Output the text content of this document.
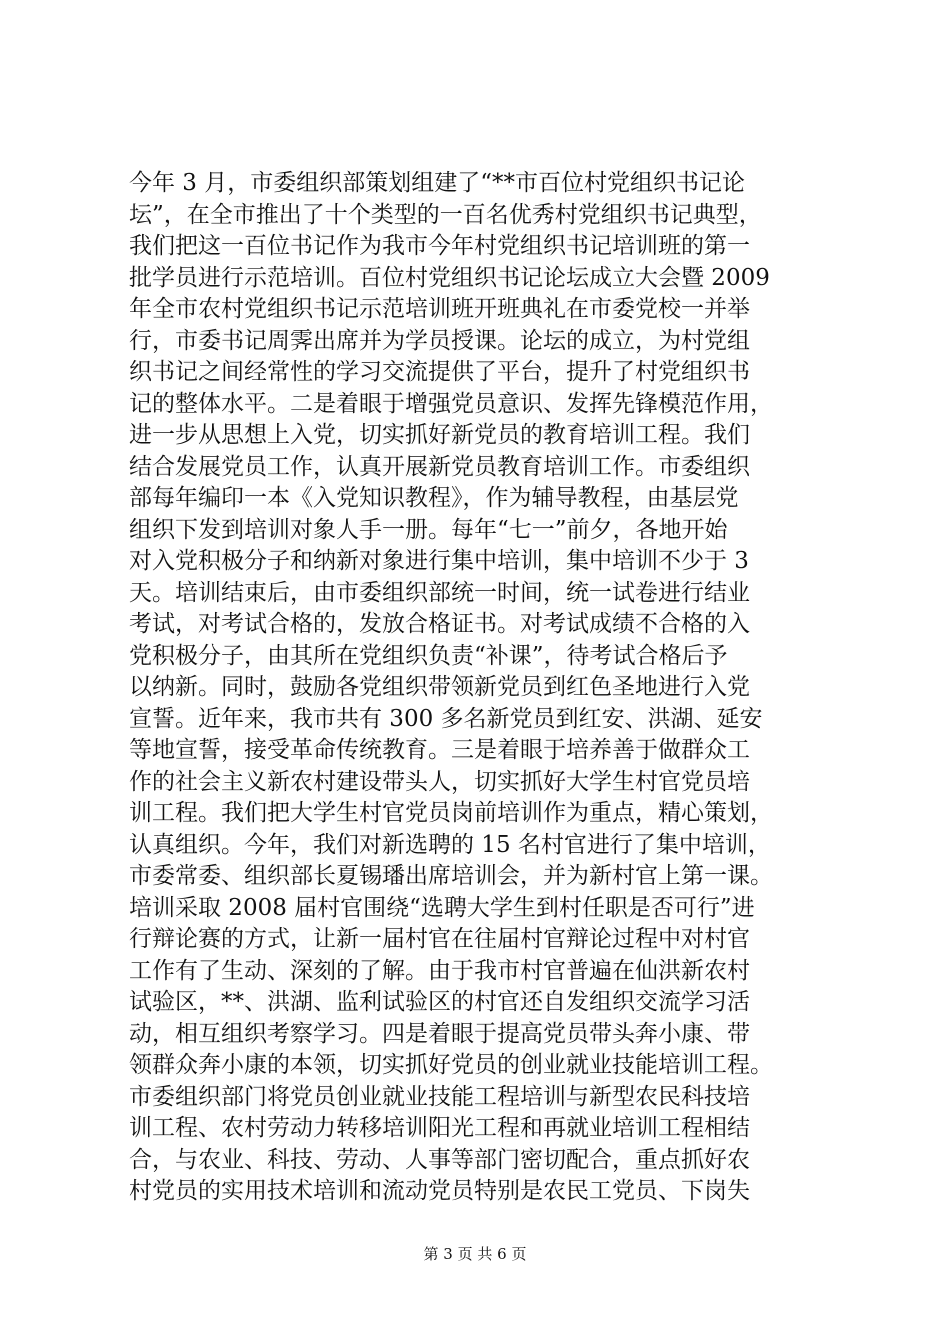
今年 3 月，市委组织部策划组建了“**市百位村党组织书记论
坛”，在全市推出了十个类型的一百名优秀村党组织书记典型，
我们把这一百位书记作为我市今年村党组织书记培训班的第一
批学员进行示范培训。百位村党组织书记论坛成立大会暨 2009
年全市农村党组织书记示范培训班开班典礼在市委党校一并举
行，市委书记周霁出席并为学员授课。论坛的成立，为村党组
织书记之间经常性的学习交流提供了平台，提升了村党组织书
记的整体水平。二是着眼于增强党员意识、发挥先锋模范作用，
进一步从思想上入党，切实抓好新党员的教育培训工程。我们
结合发展党员工作，认真开展新党员教育培训工作。市委组织
部每年编印一本《入党知识教程》，作为辅导教程，由基层党
组织下发到培训对象人手一册。每年“七一”前夕，各地开始
对入党积极分子和纳新对象进行集中培训，集中培训不少于 3
天。培训结束后，由市委组织部统一时间，统一试卷进行结业
考试，对考试合格的，发放合格证书。对考试成绩不合格的入
党积极分子，由其所在党组织负责“补课”，待考试合格后予
以纳新。同时，鼓励各党组织带领新党员到红色圣地进行入党
宣誓。近年来，我市共有 300 多名新党员到红安、洪湖、延安
等地宣誓，接受革命传统教育。三是着眼于培养善于做群众工
作的社会主义新农村建设带头人，切实抓好大学生村官党员培
训工程。我们把大学生村官党员岗前培训作为重点，精心策划，
认真组织。今年，我们对新选聘的 15 名村官进行了集中培训，
市委常委、组织部长夏锡璠出席培训会，并为新村官上第一课。
培训采取 2008 届村官围绕“选聘大学生到村任职是否可行”进
行辩论赛的方式，让新一届村官在往届村官辩论过程中对村官
工作有了生动、深刻的了解。由于我市村官普遍在仙洪新农村
试验区，**、洪湖、监利试验区的村官还自发组织交流学习活
动，相互组织考察学习。四是着眼于提高党员带头奔小康、带
领群众奔小康的本领，切实抓好党员的创业就业技能培训工程。
市委组织部门将党员创业就业技能工程培训与新型农民科技培
训工程、农村劳动力转移培训阳光工程和再就业培训工程相结
合，与农业、科技、劳动、人事等部门密切配合，重点抓好农
村党员的实用技术培训和流动党员特别是农民工党员、下岗失
第 3 页 共 6 页
